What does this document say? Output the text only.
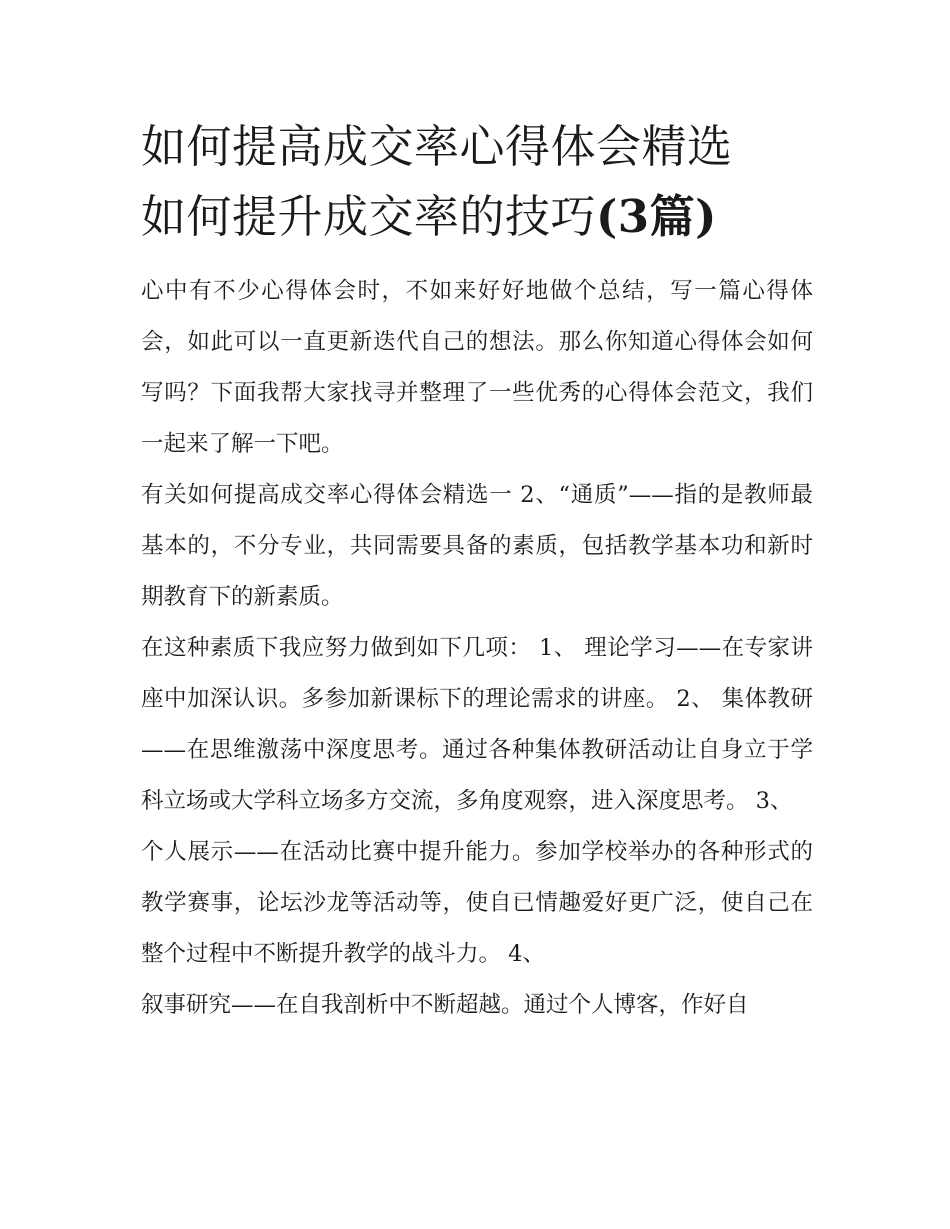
如何提高成交率心得体会精选
如何提升成交率的技巧(3篇)

心中有不少心得体会时，不如来好好地做个总结，写一篇心得体会，如此可以一直更新迭代自己的想法。那么你知道心得体会如何写吗？下面我帮大家找寻并整理了一些优秀的心得体会范文，我们一起来了解一下吧。

有关如何提高成交率心得体会精选一 2、“通质”——指的是教师最基本的，不分专业，共同需要具备的素质，包括教学基本功和新时期教育下的新素质。

在这种素质下我应努力做到如下几项： 1、 理论学习——在专家讲座中加深认识。多参加新课标下的理论需求的讲座。 2、 集体教研——在思维激荡中深度思考。通过各种集体教研活动让自身立于学科立场或大学科立场多方交流，多角度观察，进入深度思考。 3、

个人展示——在活动比赛中提升能力。参加学校举办的各种形式的教学赛事，论坛沙龙等活动等，使自已情趣爱好更广泛，使自己在整个过程中不断提升教学的战斗力。 4、

叙事研究——在自我剖析中不断超越。通过个人博客，作好自
